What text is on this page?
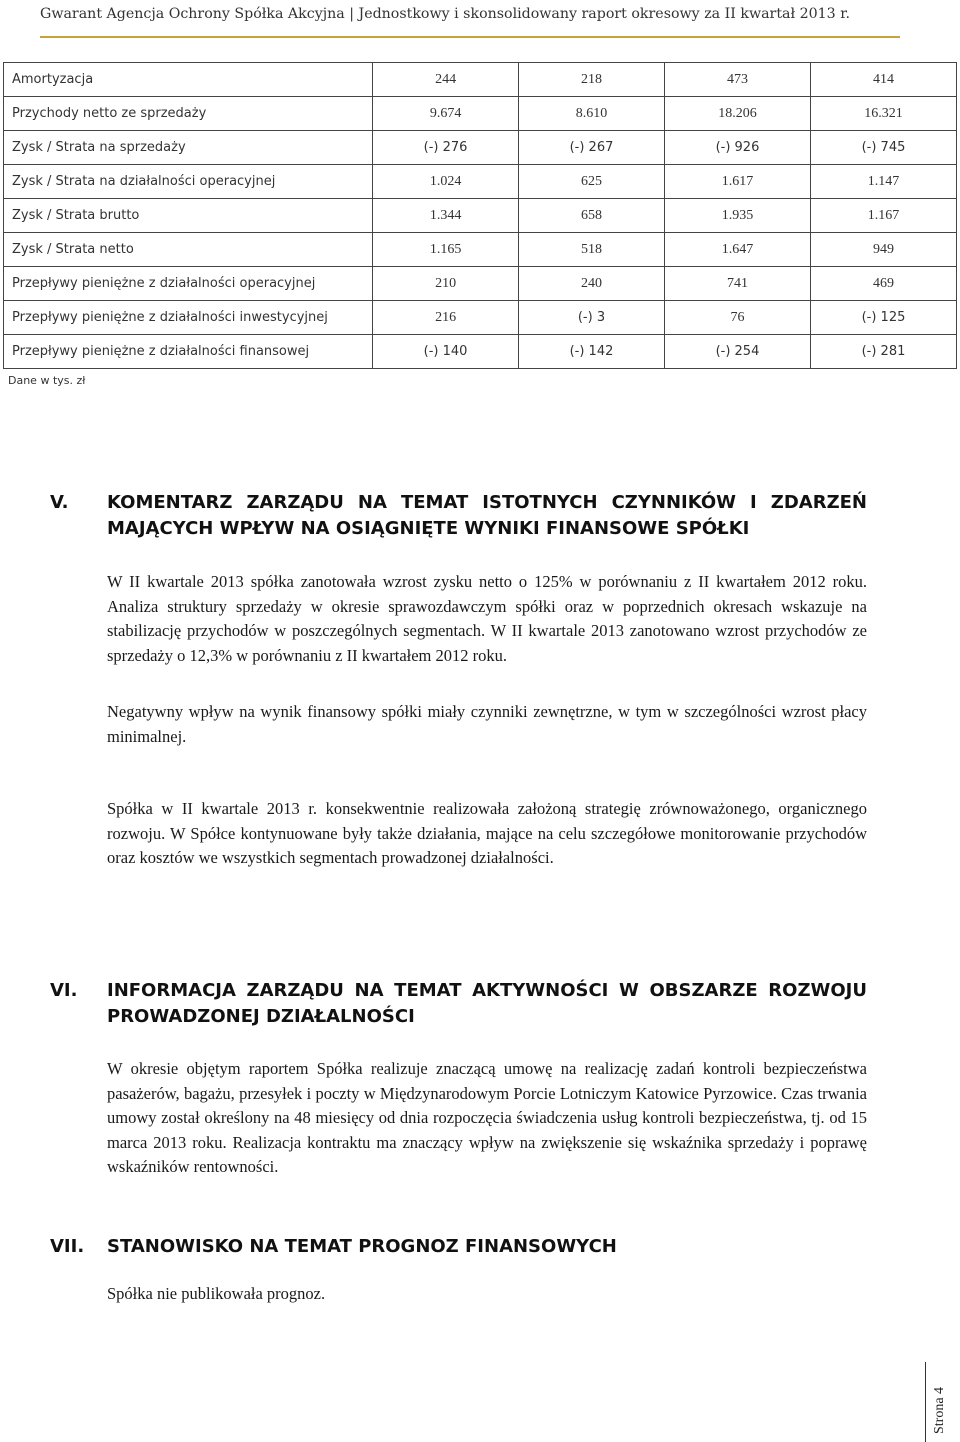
Gwarant Agencja Ochrony Spółka Akcyjna | Jednostkowy i skonsolidowany raport okresowy za II kwartał 2013 r.
Amortyzacja	244	218	473	414
Przychody netto ze sprzedaży	9.674	8.610	18.206	16.321
Zysk / Strata na sprzedaży	(-) 276	(-) 267	(-) 926	(-) 745
Zysk / Strata na działalności operacyjnej	1.024	625	1.617	1.147
Zysk / Strata brutto	1.344	658	1.935	1.167
Zysk / Strata netto	1.165	518	1.647	949
Przepływy pieniężne z działalności operacyjnej	210	240	741	469
Przepływy pieniężne z działalności inwestycyjnej	216	(-) 3	76	(-) 125
Przepływy pieniężne z działalności finansowej	(-) 140	(-) 142	(-) 254	(-) 281
Dane w tys. zł
V. KOMENTARZ ZARZĄDU NA TEMAT ISTOTNYCH CZYNNIKÓW I ZDARZEŃ MAJĄCYCH WPŁYW NA OSIĄGNIĘTE WYNIKI FINANSOWE SPÓŁKI

W II kwartale 2013 spółka zanotowała wzrost zysku netto o 125% w porównaniu z II kwartałem 2012 roku. Analiza struktury sprzedaży w okresie sprawozdawczym spółki oraz w poprzednich okresach wskazuje na stabilizację przychodów w poszczególnych segmentach. W II kwartale 2013 zanotowano wzrost przychodów ze sprzedaży o 12,3% w porównaniu z II kwartałem 2012 roku.

Negatywny wpływ na wynik finansowy spółki miały czynniki zewnętrzne, w tym w szczególności wzrost płacy minimalnej.

Spółka w II kwartale 2013 r. konsekwentnie realizowała założoną strategię zrównoważonego, organicznego rozwoju. W Spółce kontynuowane były także działania, mające na celu szczegółowe monitorowanie przychodów oraz kosztów we wszystkich segmentach prowadzonej działalności.

VI. INFORMACJA ZARZĄDU NA TEMAT AKTYWNOŚCI W OBSZARZE ROZWOJU PROWADZONEJ DZIAŁALNOŚCI

W okresie objętym raportem Spółka realizuje znaczącą umowę na realizację zadań kontroli bezpieczeństwa pasażerów, bagażu, przesyłek i poczty w Międzynarodowym Porcie Lotniczym Katowice Pyrzowice. Czas trwania umowy został określony na 48 miesięcy od dnia rozpoczęcia świadczenia usług kontroli bezpieczeństwa, tj. od 15 marca 2013 roku. Realizacja kontraktu ma znaczący wpływ na zwiększenie się wskaźnika sprzedaży i poprawę wskaźników rentowności.

VII. STANOWISKO NA TEMAT PROGNOZ FINANSOWYCH

Spółka nie publikowała prognoz.

Strona 4
